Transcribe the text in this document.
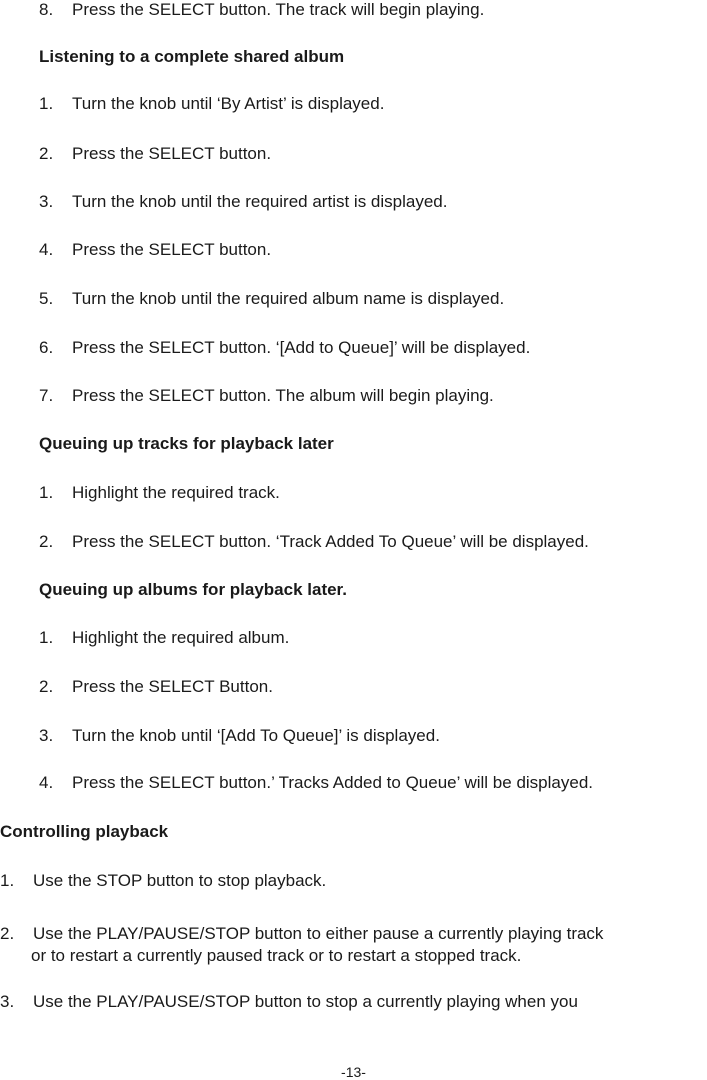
8. Press the SELECT button. The track will begin playing.
Listening to a complete shared album
1. Turn the knob until ‘By Artist’ is displayed.
2. Press the SELECT button.
3. Turn the knob until the required artist is displayed.
4. Press the SELECT button.
5. Turn the knob until the required album name is displayed.
6. Press the SELECT button. ‘[Add to Queue]’ will be displayed.
7. Press the SELECT button. The album will begin playing.
Queuing up tracks for playback later
1. Highlight the required track.
2. Press the SELECT button. ‘Track Added To Queue’ will be displayed.
Queuing up albums for playback later.
1. Highlight the required album.
2. Press the SELECT Button.
3. Turn the knob until ‘[Add To Queue]’ is displayed.
4. Press the SELECT button.’ Tracks Added to Queue’ will be displayed.
Controlling playback
1. Use the STOP button to stop playback.
2. Use the PLAY/PAUSE/STOP button to either pause a currently playing track
or to restart a currently paused track or to restart a stopped track.
3. Use the PLAY/PAUSE/STOP button to stop a currently playing when you
-13-
